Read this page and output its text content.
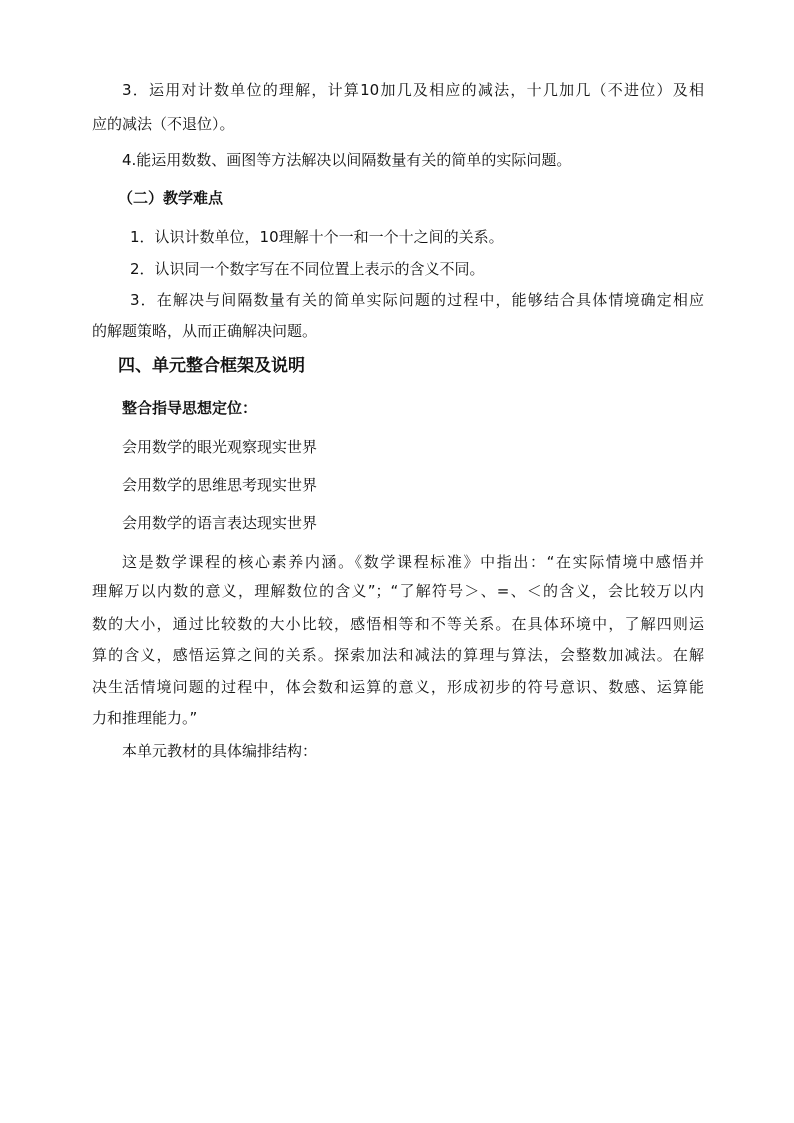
3．运用对计数单位的理解，计算10加几及相应的减法，十几加几（不进位）及相
应的减法（不退位）。
4.能运用数数、画图等方法解决以间隔数量有关的简单的实际问题。
（二）教学难点
1．认识计数单位，10理解十个一和一个十之间的关系。
2．认识同一个数字写在不同位置上表示的含义不同。
3．在解决与间隔数量有关的简单实际问题的过程中，能够结合具体情境确定相应
的解题策略，从而正确解决问题。
四、单元整合框架及说明
整合指导思想定位：
会用数学的眼光观察现实世界
会用数学的思维思考现实世界
会用数学的语言表达现实世界
这是数学课程的核心素养内涵。《数学课程标准》中指出：“在实际情境中感悟并
理解万以内数的意义，理解数位的含义”；“了解符号＞、=、＜的含义，会比较万以内
数的大小，通过比较数的大小比较，感悟相等和不等关系。在具体环境中，了解四则运
算的含义，感悟运算之间的关系。探索加法和减法的算理与算法，会整数加减法。在解
决生活情境问题的过程中，体会数和运算的意义，形成初步的符号意识、数感、运算能
力和推理能力。”
本单元教材的具体编排结构：
